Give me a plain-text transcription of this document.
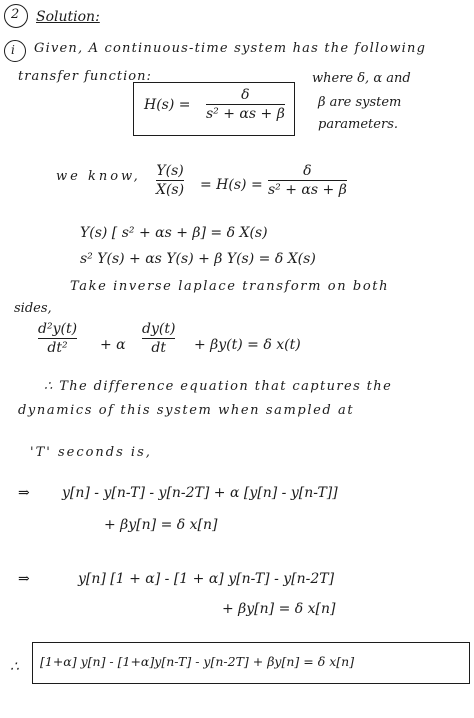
2 Solution:
i Given, A continuous-time system has the following
transfer function:
H(s) =
δ
s² + αs + β
where δ, α and
β are system
parameters.
we know, Y(s)
X(s) = H(s) =
δ
s² + αs + β
Y(s) [ s² + αs + β] = δ X(s)
s² Y(s) + αs Y(s) + β Y(s) = δ X(s)
Take inverse laplace transform on both
sides,
d²y(t)
dt² + α
dy(t)
dt + βy(t) = δ x(t)
∴ The difference equation that captures the
dynamics of this system when sampled at
'T' seconds is,
⇒ y[n] - y[n-T] - y[n-2T] + α [y[n] - y[n-T]]
+ βy[n] = δ x[n]
⇒	y[n] [1 + α] - [1 + α] y[n-T] - y[n-2T]
+ βy[n] = δ x[n]
∴ [1+α] y[n] - [1+α]y[n-T] - y[n-2T] + βy[n] = δ x[n]
